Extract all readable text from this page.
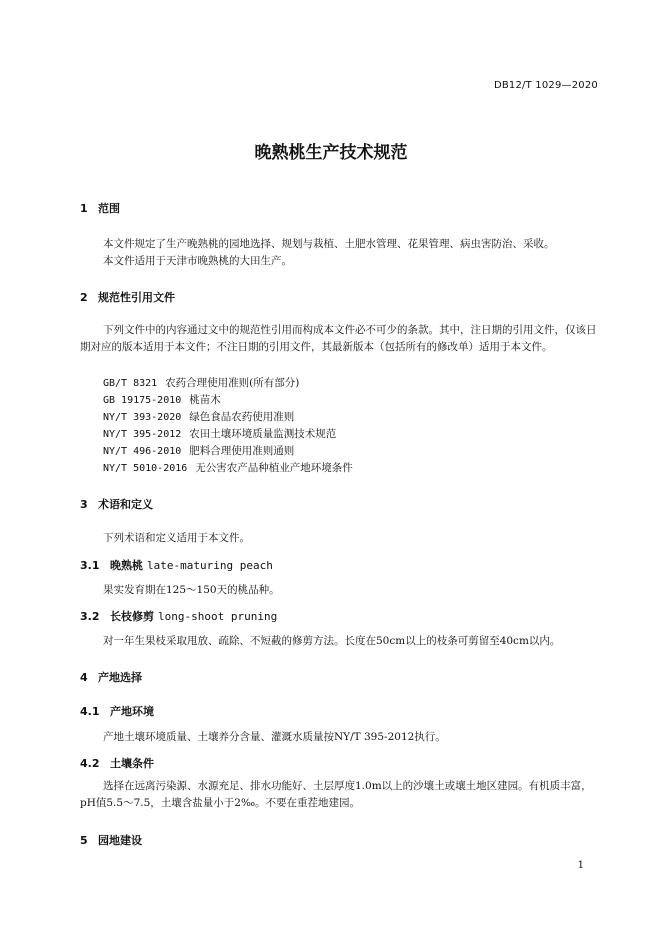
DB12/T 1029—2020
晚熟桃生产技术规范
1 范围
本文件规定了生产晚熟桃的园地选择、规划与栽植、土肥水管理、花果管理、病虫害防治、采收。
本文件适用于天津市晚熟桃的大田生产。
2 规范性引用文件
下列文件中的内容通过文中的规范性引用而构成本文件必不可少的条款。其中，注日期的引用文件，仅该日期对应的版本适用于本文件；不注日期的引用文件，其最新版本（包括所有的修改单）适用于本文件。
GB/T 8321 农药合理使用准则(所有部分)
GB 19175-2010 桃苗木
NY/T 393-2020 绿色食品农药使用准则
NY/T 395-2012 农田土壤环境质量监测技术规范
NY/T 496-2010 肥料合理使用准则通则
NY/T 5010-2016 无公害农产品种植业产地环境条件
3 术语和定义
下列术语和定义适用于本文件。
3.1 晚熟桃 late-maturing peach
果实发育期在125～150天的桃品种。
3.2 长枝修剪 long-shoot pruning
对一年生果枝采取甩放、疏除、不短截的修剪方法。长度在50cm以上的枝条可剪留至40cm以内。
4 产地选择
4.1 产地环境
产地土壤环境质量、土壤养分含量、灌溉水质量按NY/T 395-2012执行。
4.2 土壤条件
选择在远离污染源、水源充足、排水功能好、土层厚度1.0m以上的沙壤土或壤土地区建园。有机质丰富，pH值5.5～7.5，土壤含盐量小于2‰。不要在重茬地建园。
5 园地建设
1
